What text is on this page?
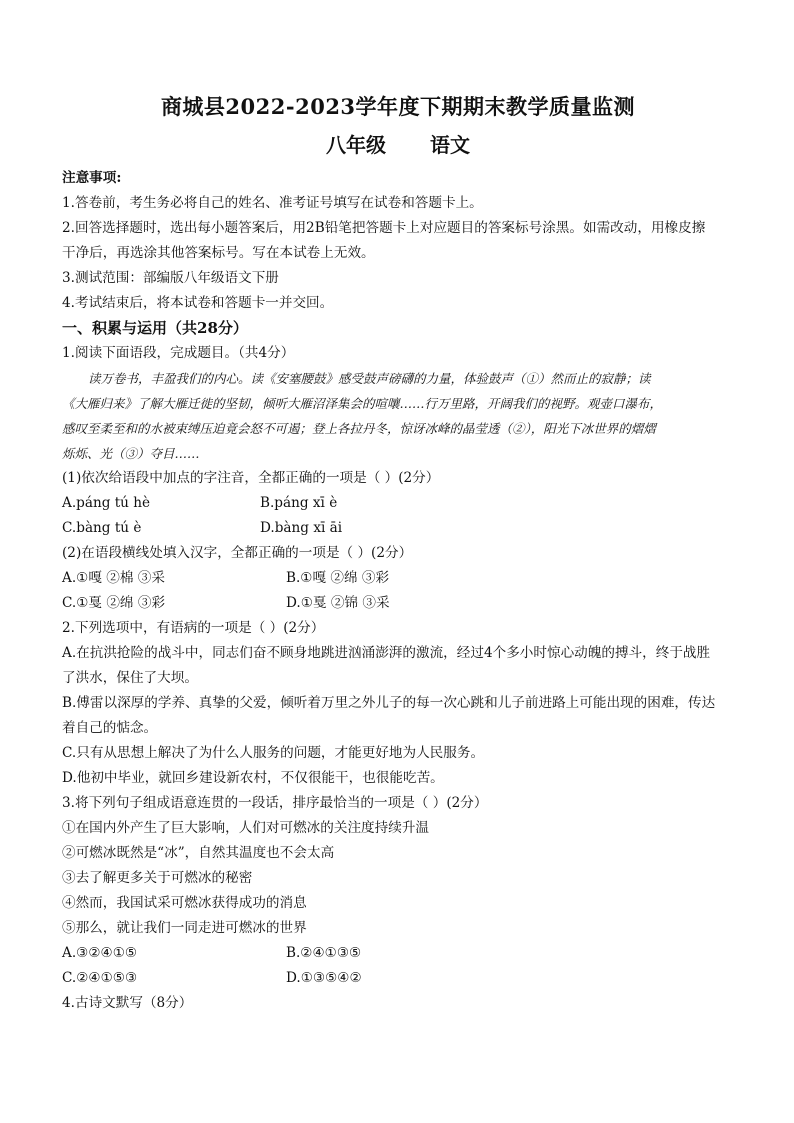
商城县2022-2023学年度下期期末教学质量监测
八年级 语文

注意事项:

1.答卷前，考生务必将自己的姓名、准考证号填写在试卷和答题卡上。

2.回答选择题时，选出每小题答案后，用2B铅笔把答题卡上对应题目的答案标号涂黑。如需改动，用橡皮擦

干净后，再选涂其他答案标号。写在本试卷上无效。

3.测试范围：部编版八年级语文下册

4.考试结束后，将本试卷和答题卡一并交回。

一、积累与运用（共28分）

1.阅读下面语段，完成题目。（共4分）

读万卷书，丰盈我们的内心。读《安塞腰鼓》感受鼓声磅礴的力量，体验鼓声（①）然而止的寂静；读

《大雁归来》了解大雁迁徙的坚韧，倾听大雁沼泽集会的喧嚷……行万里路，开阔我们的视野。观壶口瀑布，

感叹至柔至和的水被束缚压迫竟会怒不可遏；登上各拉丹冬，惊讶冰峰的晶莹透（②），阳光下冰世界的熠熠

烁烁、光（③）夺目……

(1)依次给语段中加点的字注音，全都正确的一项是（ ）(2分）

A.páng tú hè	B.páng xī è
C.bàng tú è	D.bàng xī āi

(2)在语段横线处填入汉字，全都正确的一项是（ ）(2分）

A.①嘎 ②棉 ③采	B.①嘎 ②绵 ③彩
C.①戛 ②绵 ③彩	D.①戛 ②锦 ③采

2.下列选项中，有语病的一项是（ ）(2分）

A.在抗洪抢险的战斗中，同志们奋不顾身地跳进汹涌澎湃的激流，经过4个多小时惊心动魄的搏斗，终于战胜

了洪水，保住了大坝。

B.傅雷以深厚的学养、真挚的父爱，倾听着万里之外儿子的每一次心跳和儿子前进路上可能出现的困难，传达

着自己的惦念。

C.只有从思想上解决了为什么人服务的问题，才能更好地为人民服务。

D.他初中毕业，就回乡建设新农村，不仅很能干，也很能吃苦。

3.将下列句子组成语意连贯的一段话，排序最恰当的一项是（ ）(2分）

①在国内外产生了巨大影响，人们对可燃冰的关注度持续升温

②可燃冰既然是“冰”，自然其温度也不会太高

③去了解更多关于可燃冰的秘密

④然而，我国试采可燃冰获得成功的消息

⑤那么，就让我们一同走进可燃冰的世界

A.③②④①⑤	B.②④①③⑤
C.②④①⑤③	D.①③⑤④②

4.古诗文默写（8分）
